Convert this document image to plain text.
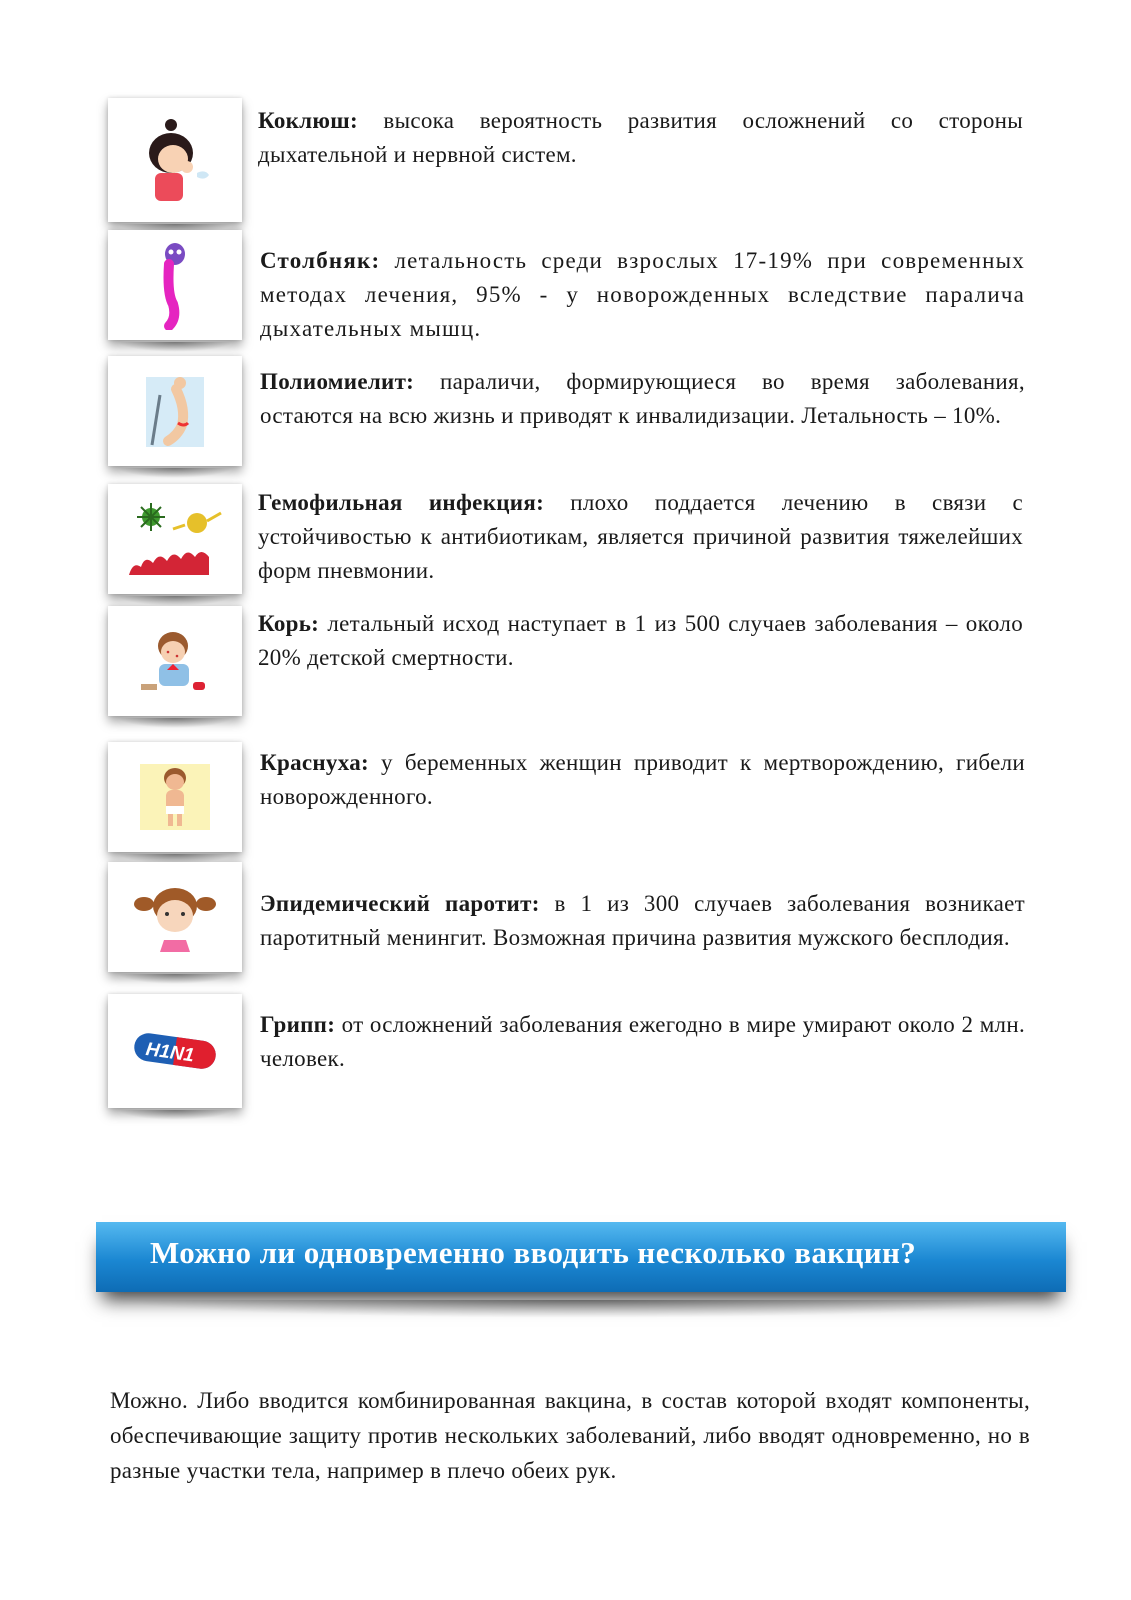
H1N1
Коклюш: высока вероятность развития осложнений со стороны дыхательной и нервной систем.
Столбняк: летальность среди взрослых 17-19% при современных методах лечения, 95% - у новорожденных вследствие паралича дыхательных мышц.
Полиомиелит: параличи, формирующиеся во время заболевания, остаются на всю жизнь и приводят к инвалидизации. Летальность – 10%.
Гемофильная инфекция: плохо поддается лечению в связи с устойчивостью к антибиотикам, является причиной развития тяжелейших форм пневмонии.
Корь: летальный исход наступает в 1 из 500 случаев заболевания – около 20% детской смертности.
Краснуха: у беременных женщин приводит к мертворождению, гибели новорожденного.
Эпидемический паротит: в 1 из 300 случаев заболевания возникает паротитный менингит. Возможная причина развития мужского бесплодия.
Грипп: от осложнений заболевания ежегодно в мире умирают около 2 млн. человек.
Можно ли одновременно вводить несколько вакцин?
Можно. Либо вводится комбинированная вакцина, в состав которой входят компоненты, обеспечивающие защиту против нескольких заболеваний, либо вводят одновременно, но в разные участки тела, например в плечо обеих рук.
